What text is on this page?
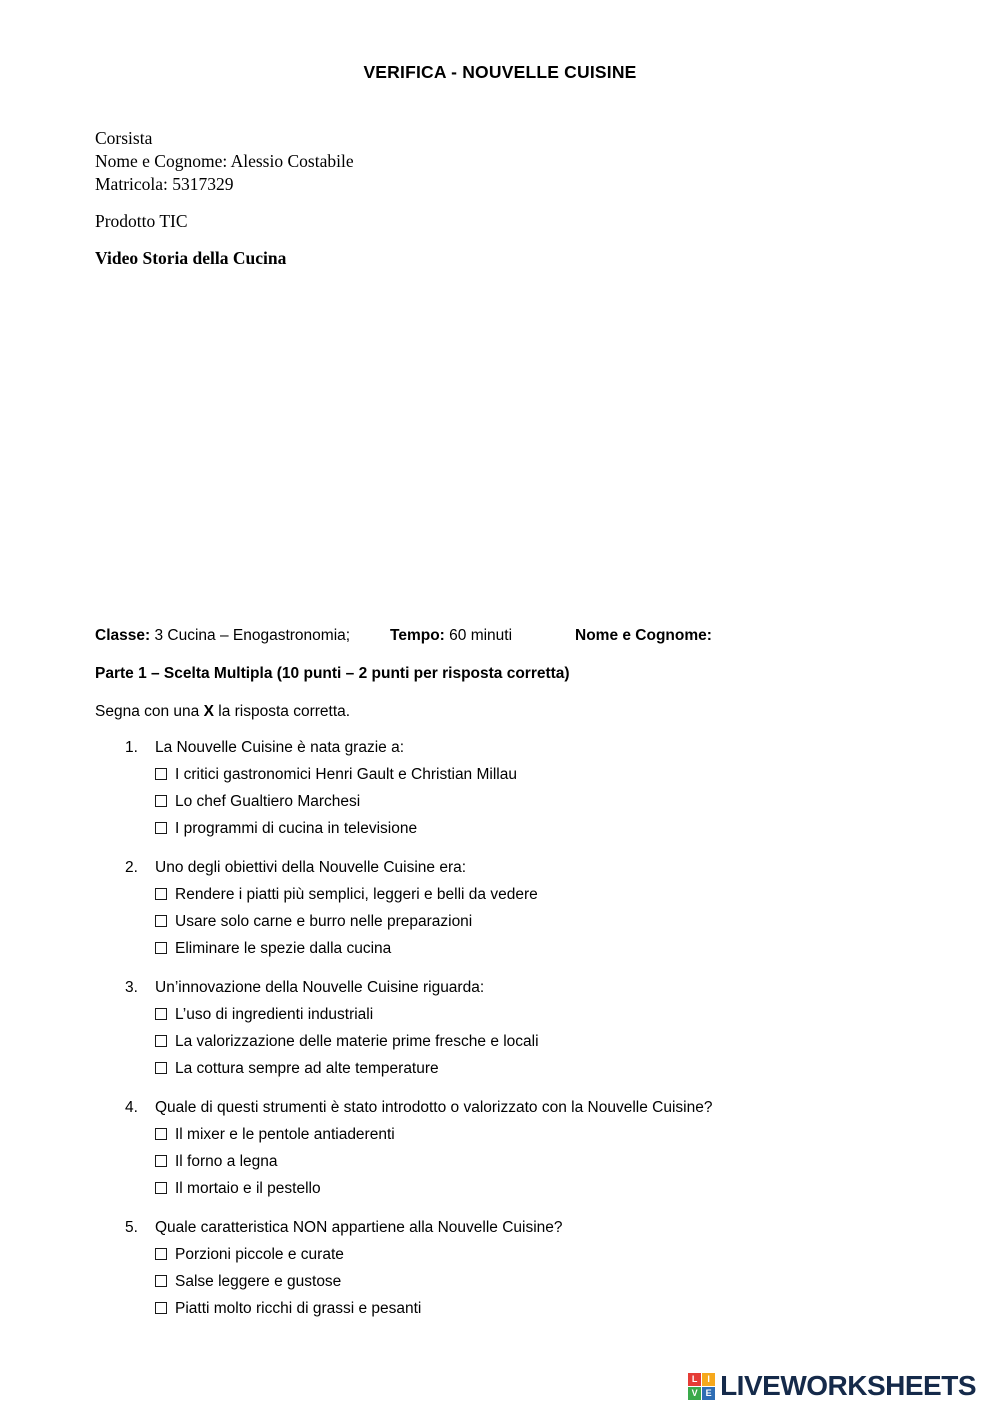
VERIFICA - NOUVELLE CUISINE
Corsista
Nome e Cognome: Alessio Costabile
Matricola: 5317329
Prodotto TIC
Video Storia della Cucina
Classe: 3 Cucina – Enogastronomia;	Tempo: 60 minuti	Nome e Cognome:
Parte 1 – Scelta Multipla (10 punti – 2 punti per risposta corretta)
Segna con una X la risposta corretta.
1.	La Nouvelle Cuisine è nata grazie a:
I critici gastronomici Henri Gault e Christian Millau
Lo chef Gualtiero Marchesi
I programmi di cucina in televisione
2.	Uno degli obiettivi della Nouvelle Cuisine era:
Rendere i piatti più semplici, leggeri e belli da vedere
Usare solo carne e burro nelle preparazioni
Eliminare le spezie dalla cucina
3.	Un’innovazione della Nouvelle Cuisine riguarda:
L’uso di ingredienti industriali
La valorizzazione delle materie prime fresche e locali
La cottura sempre ad alte temperature
4.	Quale di questi strumenti è stato introdotto o valorizzato con la Nouvelle Cuisine?
Il mixer e le pentole antiaderenti
Il forno a legna
Il mortaio e il pestello
5.	Quale caratteristica NON appartiene alla Nouvelle Cuisine?
Porzioni piccole e curate
Salse leggere e gustose
Piatti molto ricchi di grassi e pesanti
L	I
V E LIVEWORKSHEETS
